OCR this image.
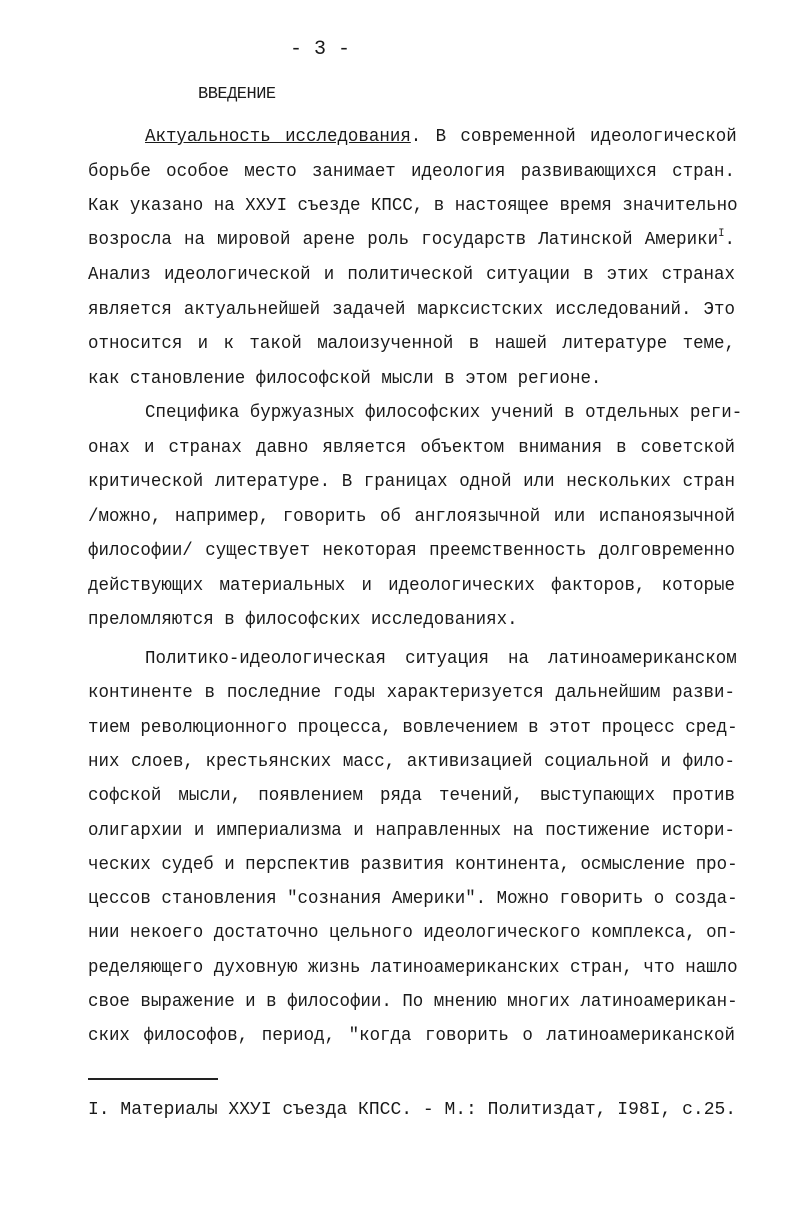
- 3 -
ВВЕДЕНИЕ
Актуальность исследования. В современной идеологической
борьбе особое место занимает идеология развивающихся стран.
Как указано на ХХУI съезде КПСС, в настоящее время значительно
возросла на мировой арене роль государств Латинской Америки$^I$.
Анализ идеологической и политической ситуации в этих странах
является актуальнейшей задачей марксистских исследований. Это
относится и к такой малоизученной в нашей литературе теме,
как становление философской мысли в этом регионе.
Специфика буржуазных философских учений в отдельных реги-
онах и странах давно является объектом внимания в советской
критической литературе. В границах одной или нескольких стран
/можно, например, говорить об англоязычной или испаноязычной
философии/ существует некоторая преемственность долговременно
действующих материальных и идеологических факторов, которые
преломляются в философских исследованиях.
Политико-идеологическая ситуация на латиноамериканском
континенте в последние годы характеризуется дальнейшим разви-
тием революционного процесса, вовлечением в этот процесс сред-
них слоев, крестьянских масс, активизацией социальной и фило-
софской мысли, появлением ряда течений, выступающих против
олигархии и империализма и направленных на постижение истори-
ческих судеб и перспектив развития континента, осмысление про-
цессов становления "сознания Америки". Можно говорить о созда-
нии некоего достаточно цельного идеологического комплекса, оп-
ределяющего духовную жизнь латиноамериканских стран, что нашло
свое выражение и в философии. По мнению многих латиноамерикан-
ских философов, период, "когда говорить о латиноамериканской
I. Материалы ХХУI съезда КПСС. - М.: Политиздат, I98I, с.25.
